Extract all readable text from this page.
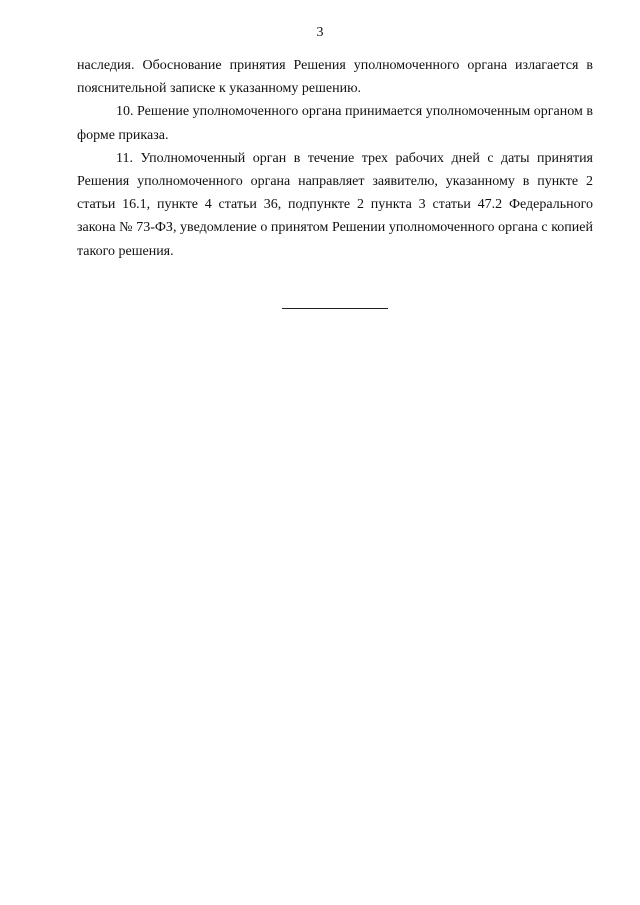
3

наследия. Обоснование принятия Решения уполномоченного органа излагается в пояснительной записке к указанному решению.

10. Решение уполномоченного органа принимается уполномоченным органом в форме приказа.

11. Уполномоченный орган в течение трех рабочих дней с даты принятия Решения уполномоченного органа направляет заявителю, указанному в пункте 2 статьи 16.1, пункте 4 статьи 36, подпункте 2 пункта 3 статьи 47.2 Федерального закона № 73-ФЗ, уведомление о принятом Решении уполномоченного органа с копией такого решения.
